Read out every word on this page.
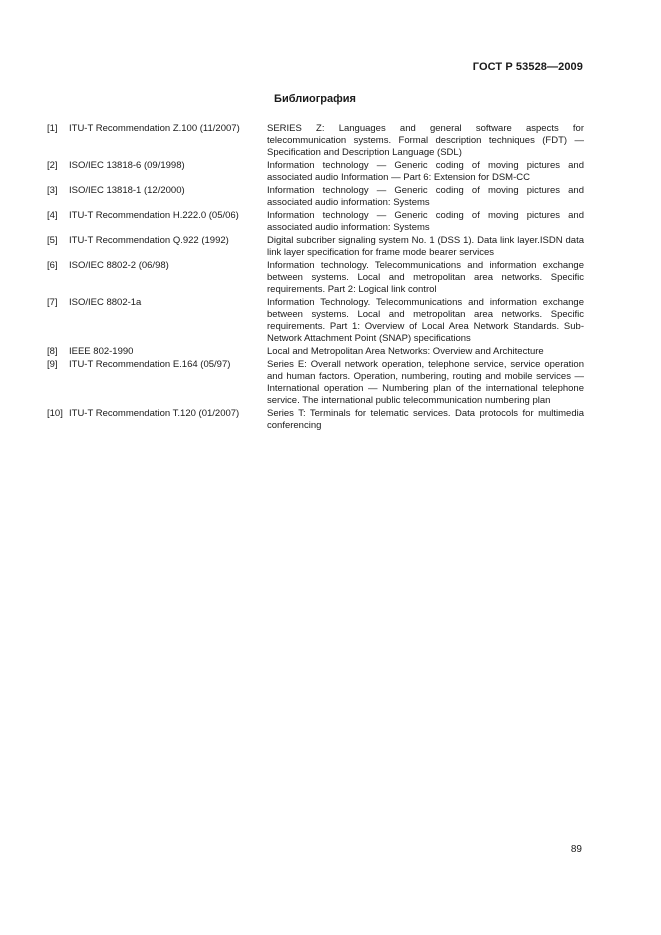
ГОСТ Р 53528—2009
Библиография
[1]	ITU-T Recommendation Z.100 (11/2007)	SERIES Z: Languages and general software aspects for telecommunication systems. Formal description techniques (FDT) — Specification and Description Language (SDL)
[2]	ISO/IEC 13818-6 (09/1998)	Information technology — Generic coding of moving pictures and associated audio Information — Part 6: Extension for DSM-CC
[3]	ISO/IEC 13818-1 (12/2000)	Information technology — Generic coding of moving pictures and associated audio information: Systems
[4]	ITU-T Recommendation H.222.0 (05/06)	Information technology — Generic coding of moving pictures and associated audio information: Systems
[5]	ITU-T Recommendation Q.922 (1992)	Digital subcriber signaling system No. 1 (DSS 1). Data link layer.ISDN data link layer specification for frame mode bearer services
[6]	ISO/IEC 8802-2 (06/98)	Information technology. Telecommunications and information exchange between systems. Local and metropolitan area networks. Specific requirements. Part 2: Logical link control
[7]	ISO/IEC 8802-1a	Information Technology. Telecommunications and information exchange between systems. Local and metropolitan area networks. Specific requirements. Part 1: Overview of Local Area Network Standards. Sub-Network Attachment Point (SNAP) specifications
[8]	IEEE 802-1990	Local and Metropolitan Area Networks: Overview and Architecture
[9]	ITU-T Recommendation E.164 (05/97)	Series E: Overall network operation, telephone service, service operation and human factors. Operation, numbering, routing and mobile services — International operation — Numbering plan of the international telephone service. The international public telecommunication numbering plan
[10] ITU-T Recommendation T.120 (01/2007)	Series T: Terminals for telematic services. Data protocols for multimedia conferencing
89
